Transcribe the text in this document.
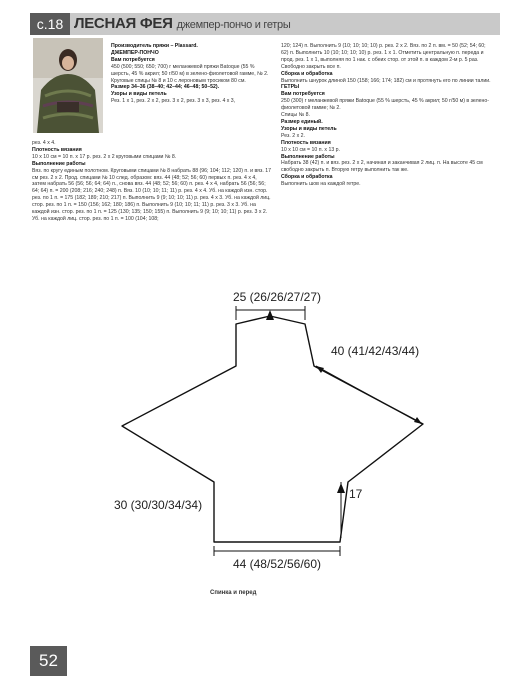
с.18 ЛЕСНАЯ ФЕЯ джемпер-пончо и гетры

Производитель пряжи – Plassard.

ДЖЕМПЕР-ПОНЧО

Вам потребуется

450 (500; 550; 650; 700) г меланжевой пряжи Batoque (55 % шерсть, 45 % акрил; 50 г/50 м) в зелено-фиолетовой гамме, № 2.

Круговые спицы № 8 и 10 с леpоновым тросиком 80 см.

Размер 34–36 (38–40; 42–44; 46–48; 50–52).

Узоры и виды петель

Рез. 1 х 1, рез. 2 х 2, рез. 3 х 2, рез. 3 х 3, рез. 4 х 3,

рез. 4 х 4.

Плотность вязания

10 х 10 см = 10 п. х 17 р. рез. 2 х 2 круговыми спицами № 8.

Выполнение работы

Вяз. по кругу единым полотном. Круговыми спицами № 8 набрать 88 (96; 104; 112; 120) п. и вяз. 17 см рез. 2 х 2. Прод. спицами № 10 след. образом: вяз. 44 (48; 52; 56; 60) первых п. рез. 4 х 4, затем набрать 56 (56; 56; 64; 64) п., снова вяз. 44 (48; 52; 56; 60) п. рез. 4 х 4, набрать 56 (56; 56; 64; 64) п. = 200 (208; 216; 240; 248) п. Вяз. 10 (10; 10; 11; 11) р. рез. 4 х 4. Уб. на каждой изн. стор. рез. по 1 п. = 175 (182; 189; 210; 217) п. Выполнить 9 (9; 10; 10; 11) р. рез. 4 х 3. Уб. на каждой лиц. стор. рез. по 1 п. = 150 (156; 162; 180; 186) п. Выполнить 9 (10; 10; 11; 11) р. рез. 3 х 3. Уб. на каждой изн. стор. рез. по 1 п. = 125 (130; 135; 150; 155) п. Выполнить 9 (9; 10; 10; 11) р. рез. 3 х 2. Уб. на каждой лиц. стор. рез. по 1 п. = 100 (104; 108;

120; 124) п. Выполнить 9 (10; 10; 10; 10) р. рез. 2 х 2. Вяз. по 2 п. вм. = 50 (52; 54; 60; 62) п. Выполнить 10 (10; 10; 10; 10) р. рез. 1 х 1. Отметить центральную п. переда и прод. рез. 1 х 1, выполняя по 1 нак. с обеих стор. от этой п. в каждом 2-м р. 5 раз. Свободно закрыть все п.

Сборка и обработка

Выполнить шнурок длиной 150 (158; 166; 174; 182) см и протянуть его по линии талии.

ГЕТРЫ

Вам потребуется

250 (300) г меланжевой пряжи Batoque (55 % шерсть, 45 % акрил; 50 г/50 м) в зелено-фиолетовой гамме; № 2.

Спицы № 8.

Размер единый.

Узоры и виды петель

Рез. 2 х 2.

Плотность вязания

10 х 10 см = 10 п. х 13 р.

Выполнение работы

Набрать 38 (42) п. и вяз. рез. 2 х 2, начиная и заканчивая 2 лиц. п. На высоте 45 см свободно закрыть п. Вторую гетру выполнить так же.

Сборка и обработка

Выполнить шов на каждой гетре.

25 (26/26/27/27)
40 (41/42/43/44)
30 (30/30/34/34)
17
44 (48/52/56/60)
Спинка и перед
52
